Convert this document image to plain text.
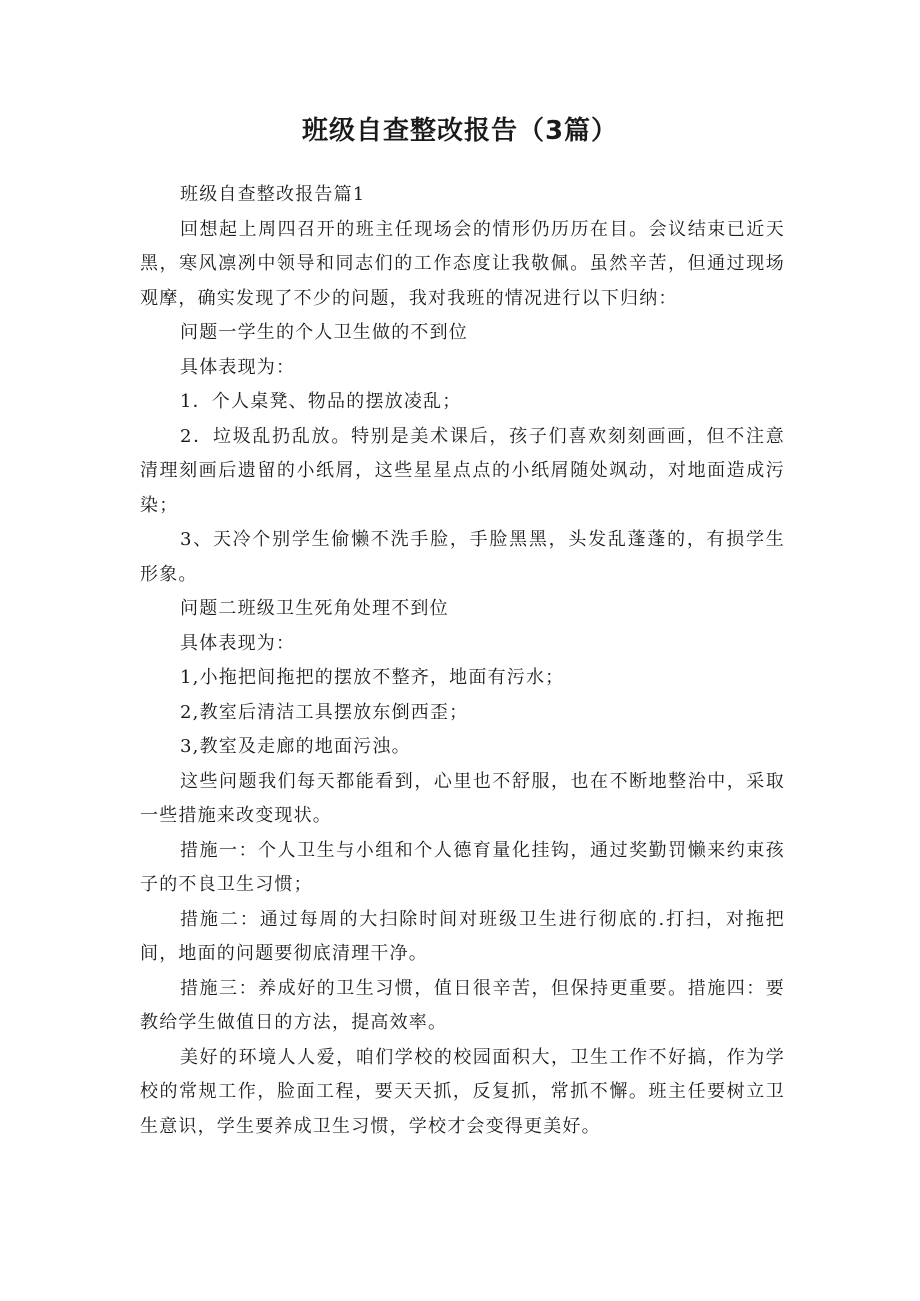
班级自查整改报告（3篇）

班级自查整改报告篇1

回想起上周四召开的班主任现场会的情形仍历历在目。会议结束已近天黑，寒风凛冽中领导和同志们的工作态度让我敬佩。虽然辛苦，但通过现场观摩，确实发现了不少的问题，我对我班的情况进行以下归纳：

问题一学生的个人卫生做的不到位

具体表现为：

1．个人桌凳、物品的摆放凌乱；

2．垃圾乱扔乱放。特别是美术课后，孩子们喜欢刻刻画画，但不注意清理刻画后遗留的小纸屑，这些星星点点的小纸屑随处飒动，对地面造成污染；

3、天冷个别学生偷懒不洗手脸，手脸黑黑，头发乱蓬蓬的，有损学生形象。

问题二班级卫生死角处理不到位

具体表现为：

1,小拖把间拖把的摆放不整齐，地面有污水；

2,教室后清洁工具摆放东倒西歪；

3,教室及走廊的地面污浊。

这些问题我们每天都能看到，心里也不舒服，也在不断地整治中，采取一些措施来改变现状。

措施一：个人卫生与小组和个人德育量化挂钩，通过奖勤罚懒来约束孩子的不良卫生习惯；

措施二：通过每周的大扫除时间对班级卫生进行彻底的.打扫，对拖把间，地面的问题要彻底清理干净。

措施三：养成好的卫生习惯，值日很辛苦，但保持更重要。措施四：要教给学生做值日的方法，提高效率。

美好的环境人人爱，咱们学校的校园面积大，卫生工作不好搞，作为学校的常规工作，脸面工程，要天天抓，反复抓，常抓不懈。班主任要树立卫生意识，学生要养成卫生习惯，学校才会变得更美好。
